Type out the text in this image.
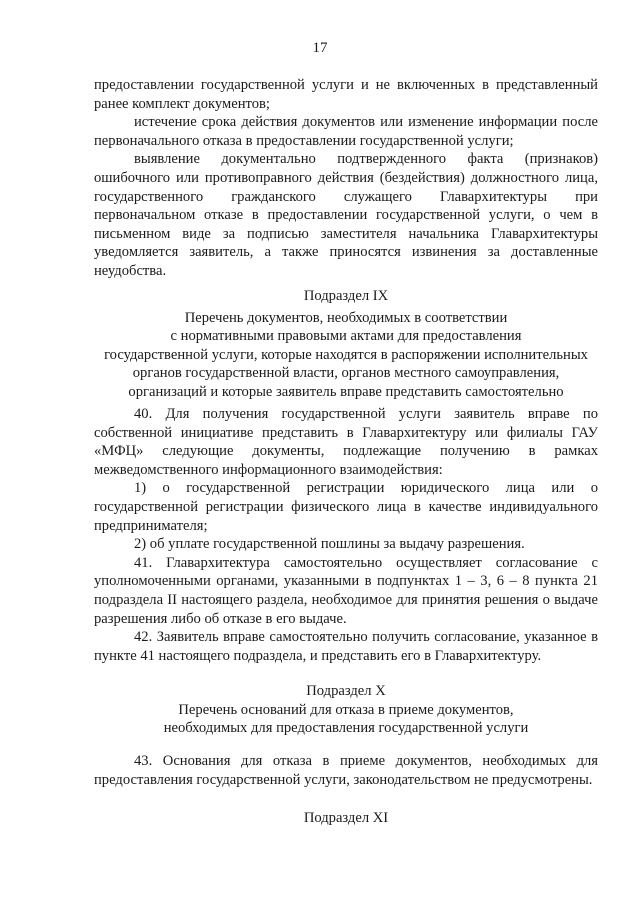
17

предоставлении государственной услуги и не включенных в представленный ранее комплект документов;

истечение срока действия документов или изменение информации после первоначального отказа в предоставлении государственной услуги;

выявление документально подтвержденного факта (признаков) ошибочного или противоправного действия (бездействия) должностного лица, государственного гражданского служащего Главархитектуры при первоначальном отказе в предоставлении государственной услуги, о чем в письменном виде за подписью заместителя начальника Главархитектуры уведомляется заявитель, а также приносятся извинения за доставленные неудобства.

Подраздел IX

Перечень документов, необходимых в соответствии

с нормативными правовыми актами для предоставления

государственной услуги, которые находятся в распоряжении исполнительных

органов государственной власти, органов местного самоуправления,

организаций и которые заявитель вправе представить самостоятельно

40. Для получения государственной услуги заявитель вправе по собственной инициативе представить в Главархитектуру или филиалы ГАУ «МФЦ» следующие документы, подлежащие получению в рамках межведомственного информационного взаимодействия:

1) о государственной регистрации юридического лица или о государственной регистрации физического лица в качестве индивидуального предпринимателя;

2) об уплате государственной пошлины за выдачу разрешения.

41. Главархитектура самостоятельно осуществляет согласование с уполномоченными органами, указанными в подпунктах 1 – 3, 6 – 8 пункта 21 подраздела II настоящего раздела, необходимое для принятия решения о выдаче разрешения либо об отказе в его выдаче.

42. Заявитель вправе самостоятельно получить согласование, указанное в пункте 41 настоящего подраздела, и представить его в Главархитектуру.

Подраздел X

Перечень оснований для отказа в приеме документов,

необходимых для предоставления государственной услуги

43. Основания для отказа в приеме документов, необходимых для предоставления государственной услуги, законодательством не предусмотрены.

Подраздел XI
